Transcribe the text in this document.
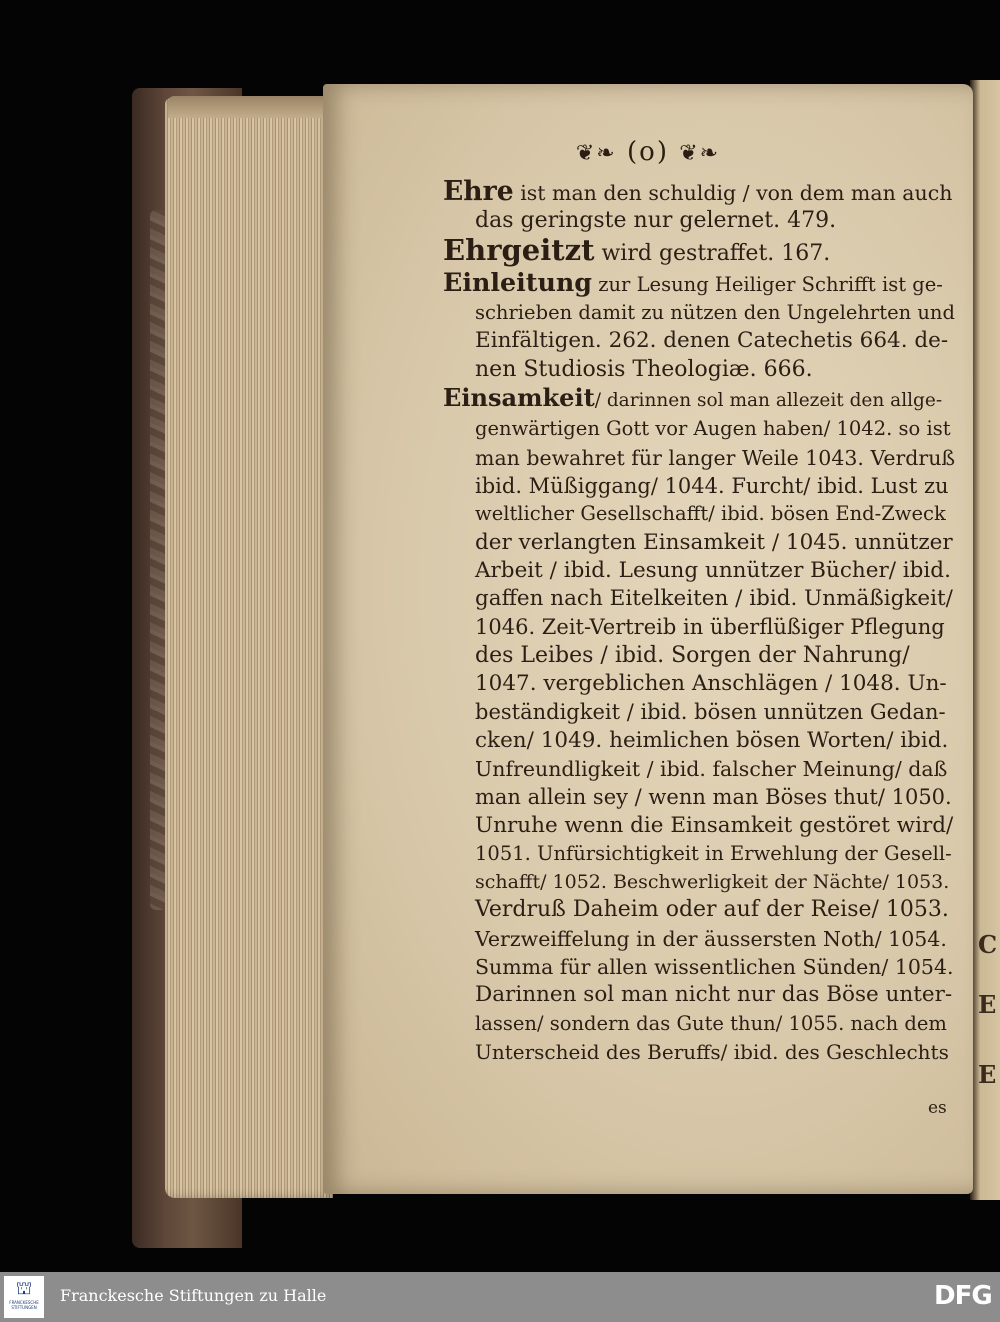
C
E
E
❦❧ (o) ❦❧
Ehre ist man den schuldig / von dem man auch
das geringste nur gelernet. 479.
Ehrgeitzt wird gestraffet. 167.
Einleitung zur Lesung Heiliger Schrifft ist ge-
schrieben damit zu nützen den Ungelehrten und
Einfältigen. 262. denen Catechetis 664. de-
nen Studiosis Theologiæ. 666.
Einsamkeit/ darinnen sol man allezeit den allge-
genwärtigen Gott vor Augen haben/ 1042. so ist
man bewahret für langer Weile 1043. Verdruß
ibid. Müßiggang/ 1044. Furcht/ ibid. Lust zu
weltlicher Gesellschafft/ ibid. bösen End-Zweck
der verlangten Einsamkeit / 1045. unnützer
Arbeit / ibid. Lesung unnützer Bücher/ ibid.
gaffen nach Eitelkeiten / ibid. Unmäßigkeit/
1046. Zeit-Vertreib in überflüßiger Pflegung
des Leibes / ibid. Sorgen der Nahrung/
1047. vergeblichen Anschlägen / 1048. Un-
beständigkeit / ibid. bösen unnützen Gedan-
cken/ 1049. heimlichen bösen Worten/ ibid.
Unfreundligkeit / ibid. falscher Meinung/ daß
man allein sey / wenn man Böses thut/ 1050.
Unruhe wenn die Einsamkeit gestöret wird/
1051. Unfürsichtigkeit in Erwehlung der Gesell-
schafft/ 1052. Beschwerligkeit der Nächte/ 1053.
Verdruß Daheim oder auf der Reise/ 1053.
Verzweiffelung in der äussersten Noth/ 1054.
Summa für allen wissentlichen Sünden/ 1054.
Darinnen sol man nicht nur das Böse unter-
lassen/ sondern das Gute thun/ 1055. nach dem
Unterscheid des Beruffs/ ibid. des Geschlechts
es
⛫
FRANCKESCHE STIFTUNGEN
Franckesche Stiftungen zu Halle	DFG
